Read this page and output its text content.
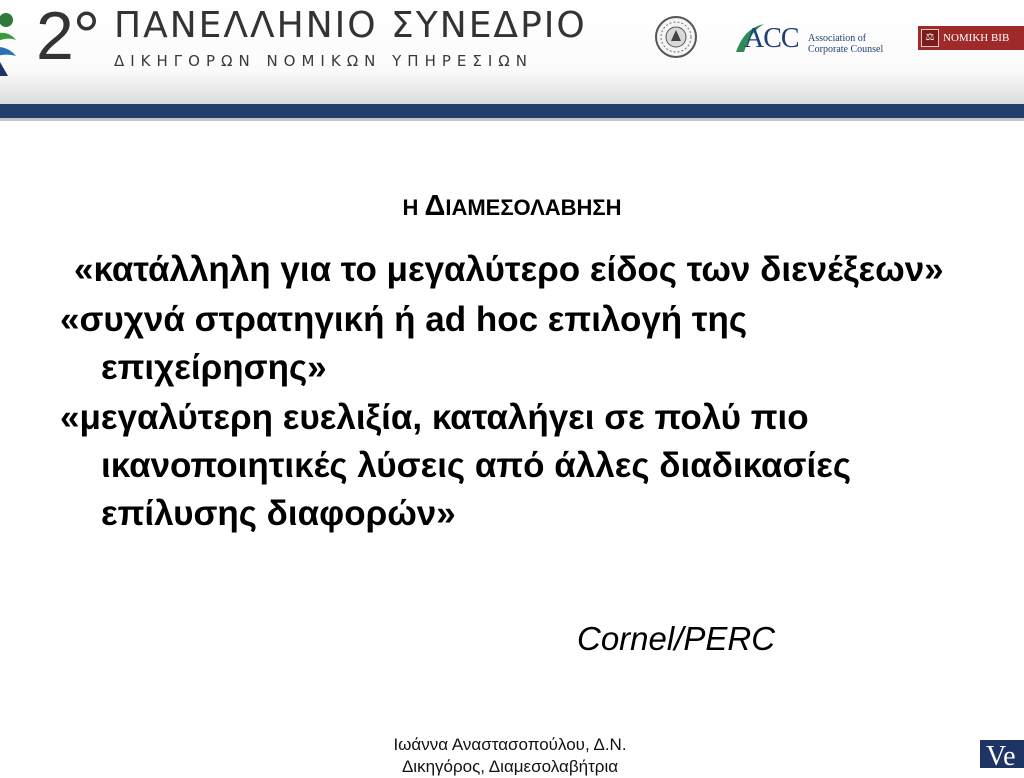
2° ΠΑΝΕΛΛΗΝΙΟ ΣΥΝΕΔΡΙΟ
ΔΙΚΗΓΟΡΩΝ ΝΟΜΙΚΩΝ ΥΠΗΡΕΣΙΩΝ
ACC Association of
Corporate Counsel
⚖ ΝΟΜΙΚΗ ΒΙΒ
Η ΔΙΑΜΕΣΟΛΑΒΗΣΗ

«κατάλληλη για το μεγαλύτερο είδος των διενέξεων»

«συχνά στρατηγική ή ad hoc επιλογή της επιχείρησης»

«μεγαλύτερη ευελιξία, καταλήγει σε πολύ πιο ικανοποιητικές λύσεις από άλλες διαδικασίες επίλυσης διαφορών»

Cornel/PERC
Ιωάννα Αναστασοπούλου, Δ.Ν.
Δικηγόρος, Διαμεσολαβήτρια	Ve
